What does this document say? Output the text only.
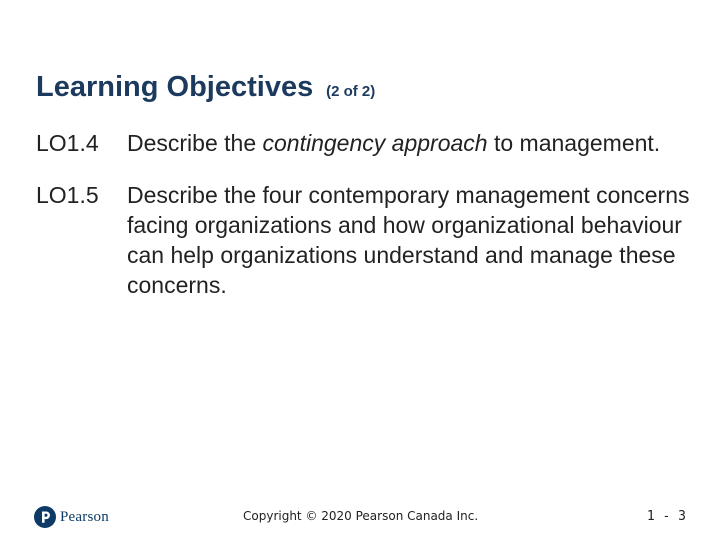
Learning Objectives (2 of 2)
LO1.4	Describe the contingency approach to management.
LO1.5	Describe the four contemporary management concerns facing organizations and how organizational behaviour can help organizations understand and manage these concerns.
Pearson	Copyright © 2020 Pearson Canada Inc.	1 - 3
